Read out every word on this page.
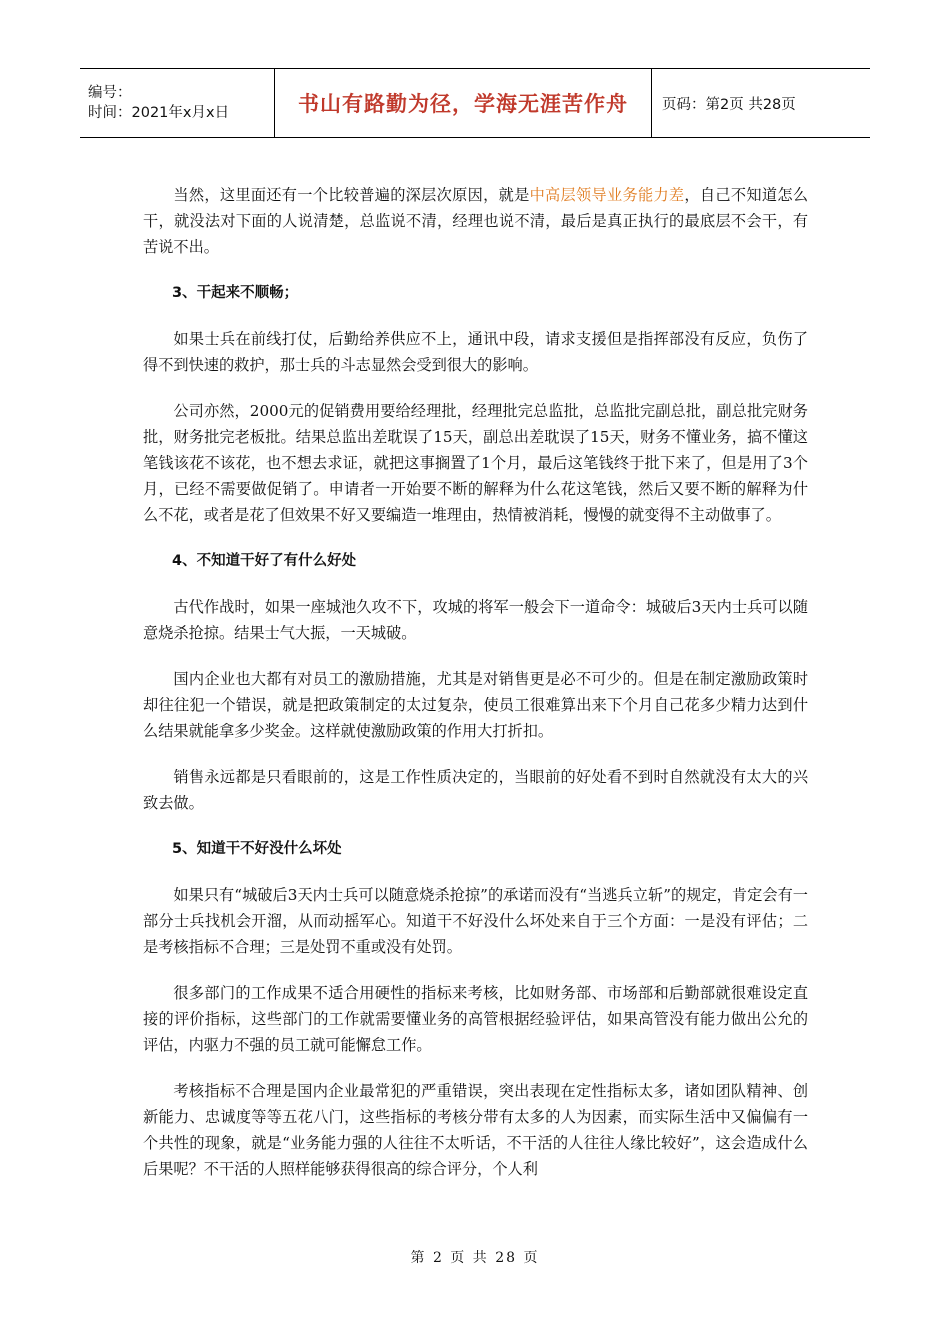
编号：
时间：2021年x月x日	书山有路勤为径，学海无涯苦作舟 页码：第2页 共28页

当然，这里面还有一个比较普遍的深层次原因，就是中高层领导业务能力差，自己不知道怎么干，就没法对下面的人说清楚，总监说不清，经理也说不清，最后是真正执行的最底层不会干，有苦说不出。

3、干起来不顺畅；

如果士兵在前线打仗，后勤给养供应不上，通讯中段，请求支援但是指挥部没有反应，负伤了得不到快速的救护，那士兵的斗志显然会受到很大的影响。

公司亦然，2000元的促销费用要给经理批，经理批完总监批，总监批完副总批，副总批完财务批，财务批完老板批。结果总监出差耽误了15天，副总出差耽误了15天，财务不懂业务，搞不懂这笔钱该花不该花，也不想去求证，就把这事搁置了1个月，最后这笔钱终于批下来了，但是用了3个月，已经不需要做促销了。申请者一开始要不断的解释为什么花这笔钱，然后又要不断的解释为什么不花，或者是花了但效果不好又要编造一堆理由，热情被消耗，慢慢的就变得不主动做事了。

4、不知道干好了有什么好处

古代作战时，如果一座城池久攻不下，攻城的将军一般会下一道命令：城破后3天内士兵可以随意烧杀抢掠。结果士气大振，一天城破。

国内企业也大都有对员工的激励措施，尤其是对销售更是必不可少的。但是在制定激励政策时却往往犯一个错误，就是把政策制定的太过复杂，使员工很难算出来下个月自己花多少精力达到什么结果就能拿多少奖金。这样就使激励政策的作用大打折扣。

销售永远都是只看眼前的，这是工作性质决定的，当眼前的好处看不到时自然就没有太大的兴致去做。

5、知道干不好没什么坏处

如果只有“城破后3天内士兵可以随意烧杀抢掠”的承诺而没有“当逃兵立斩”的规定，肯定会有一部分士兵找机会开溜，从而动摇军心。知道干不好没什么坏处来自于三个方面：一是没有评估；二是考核指标不合理；三是处罚不重或没有处罚。

很多部门的工作成果不适合用硬性的指标来考核，比如财务部、市场部和后勤部就很难设定直接的评价指标，这些部门的工作就需要懂业务的高管根据经验评估，如果高管没有能力做出公允的评估，内驱力不强的员工就可能懈怠工作。

考核指标不合理是国内企业最常犯的严重错误，突出表现在定性指标太多，诸如团队精神、创新能力、忠诚度等等五花八门，这些指标的考核分带有太多的人为因素，而实际生活中又偏偏有一个共性的现象，就是“业务能力强的人往往不太听话，不干活的人往往人缘比较好”，这会造成什么后果呢？不干活的人照样能够获得很高的综合评分，个人利

第 2 页 共 28 页
